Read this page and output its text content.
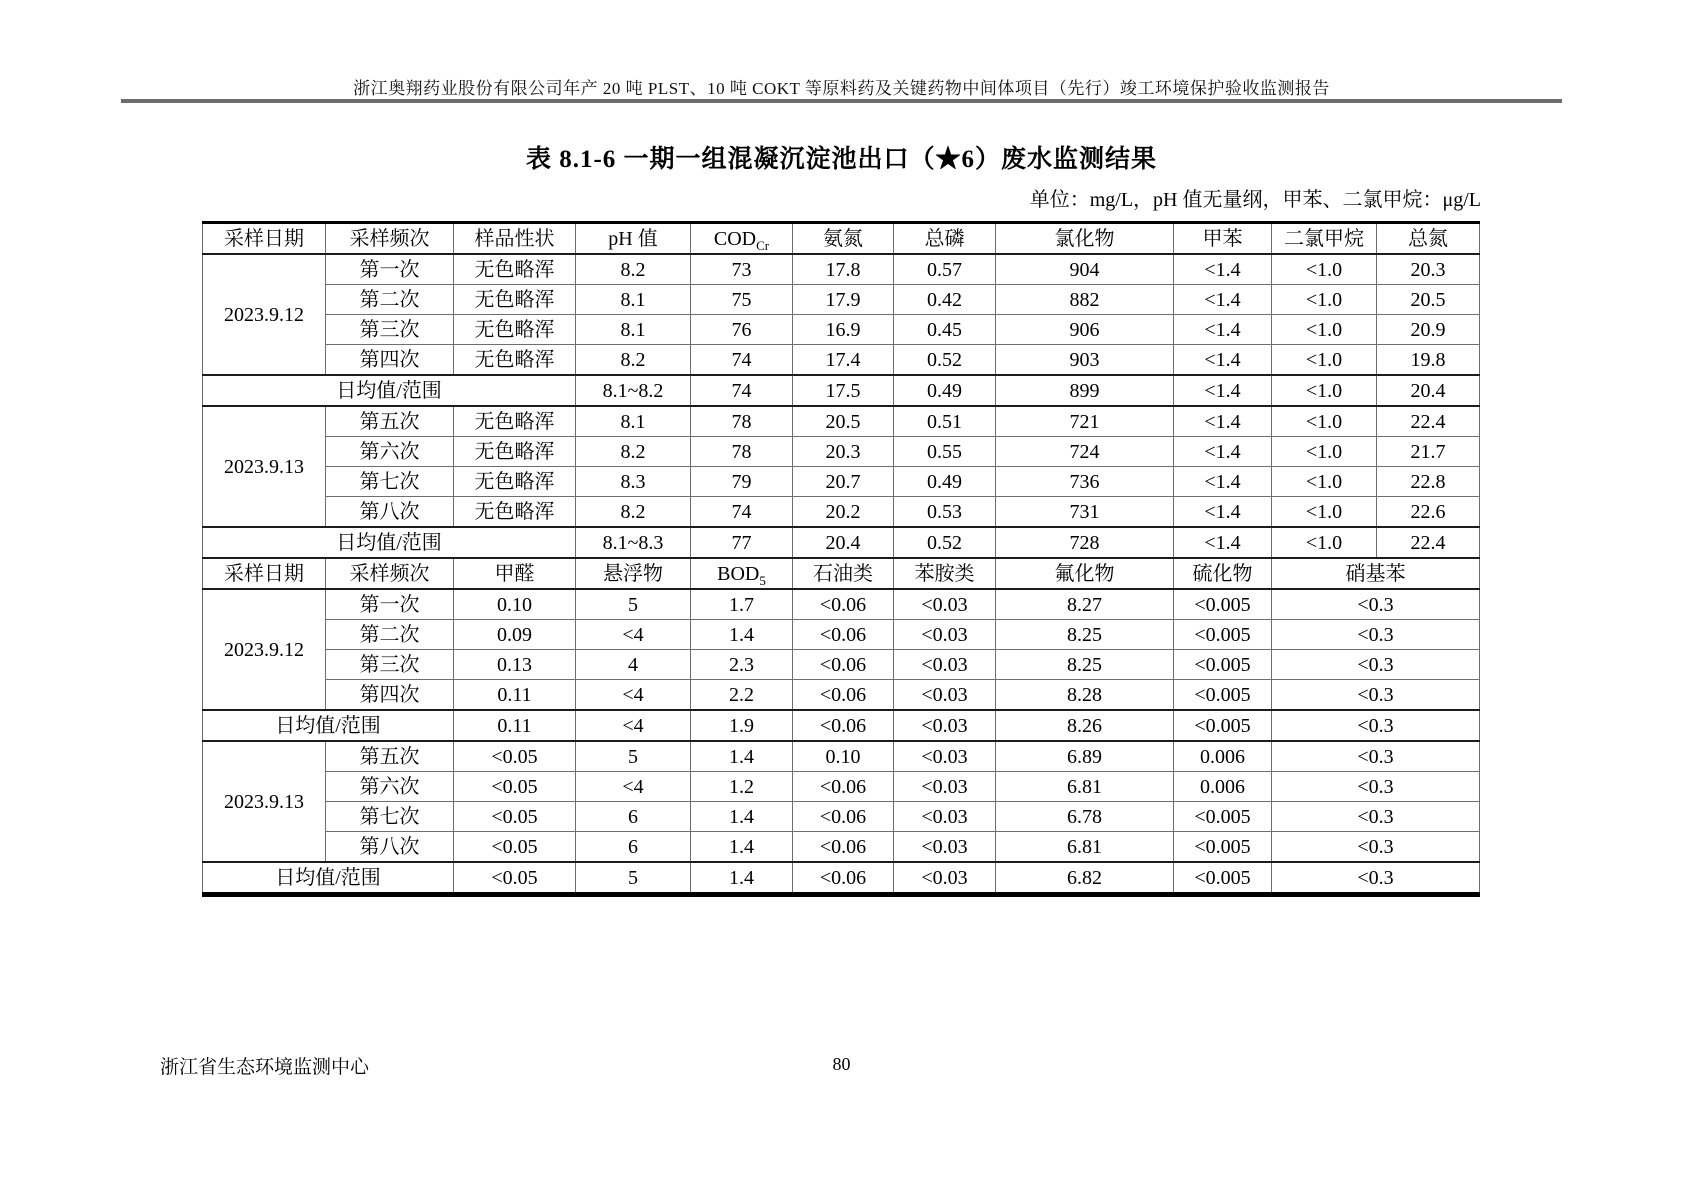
浙江奥翔药业股份有限公司年产 20 吨 PLST、10 吨 COKT 等原料药及关键药物中间体项目（先行）竣工环境保护验收监测报告
表 8.1-6 一期一组混凝沉淀池出口（★6）废水监测结果
单位：mg/L，pH 值无量纲，甲苯、二氯甲烷：μg/L
采样日期	采样频次	样品性状	pH 值	$COD_{Cr}$	氨氮	总磷	氯化物	甲苯	二氯甲烷	总氮
2023.9.12	第一次	无色略浑	8.2	73	17.8	0.57	904	<1.4	<1.0	20.3
	第二次	无色略浑	8.1	75	17.9	0.42	882	<1.4	<1.0	20.5
	第三次	无色略浑	8.1	76	16.9	0.45	906	<1.4	<1.0	20.9
	第四次	无色略浑	8.2	74	17.4	0.52	903	<1.4	<1.0	19.8
日均值/范围			8.1~8.2	74	17.5	0.49	899	<1.4	<1.0	20.4
2023.9.13	第五次	无色略浑	8.1	78	20.5	0.51	721	<1.4	<1.0	22.4
	第六次	无色略浑	8.2	78	20.3	0.55	724	<1.4	<1.0	21.7
	第七次	无色略浑	8.3	79	20.7	0.49	736	<1.4	<1.0	22.8
	第八次	无色略浑	8.2	74	20.2	0.53	731	<1.4	<1.0	22.6
日均值/范围			8.1~8.3	77	20.4	0.52	728	<1.4	<1.0	22.4
采样日期	采样频次	甲醛	悬浮物	$BOD_5$	石油类	苯胺类	氟化物	硫化物	硝基苯	
2023.9.12	第一次	0.10	5	1.7	<0.06	<0.03	8.27	<0.005	<0.3	
	第二次	0.09	<4	1.4	<0.06	<0.03	8.25	<0.005	<0.3	
	第三次	0.13	4	2.3	<0.06	<0.03	8.25	<0.005	<0.3	
	第四次	0.11	<4	2.2	<0.06	<0.03	8.28	<0.005	<0.3	
日均值/范围		0.11	<4	1.9	<0.06	<0.03	8.26	<0.005	<0.3	
2023.9.13	第五次	<0.05	5	1.4	0.10	<0.03	6.89	0.006	<0.3	
	第六次	<0.05	<4	1.2	<0.06	<0.03	6.81	0.006	<0.3	
	第七次	<0.05	6	1.4	<0.06	<0.03	6.78	<0.005	<0.3	
	第八次	<0.05	6	1.4	<0.06	<0.03	6.81	<0.005	<0.3	
日均值/范围		<0.05	5	1.4	<0.06	<0.03	6.82	<0.005	<0.3	
浙江省生态环境监测中心	80
